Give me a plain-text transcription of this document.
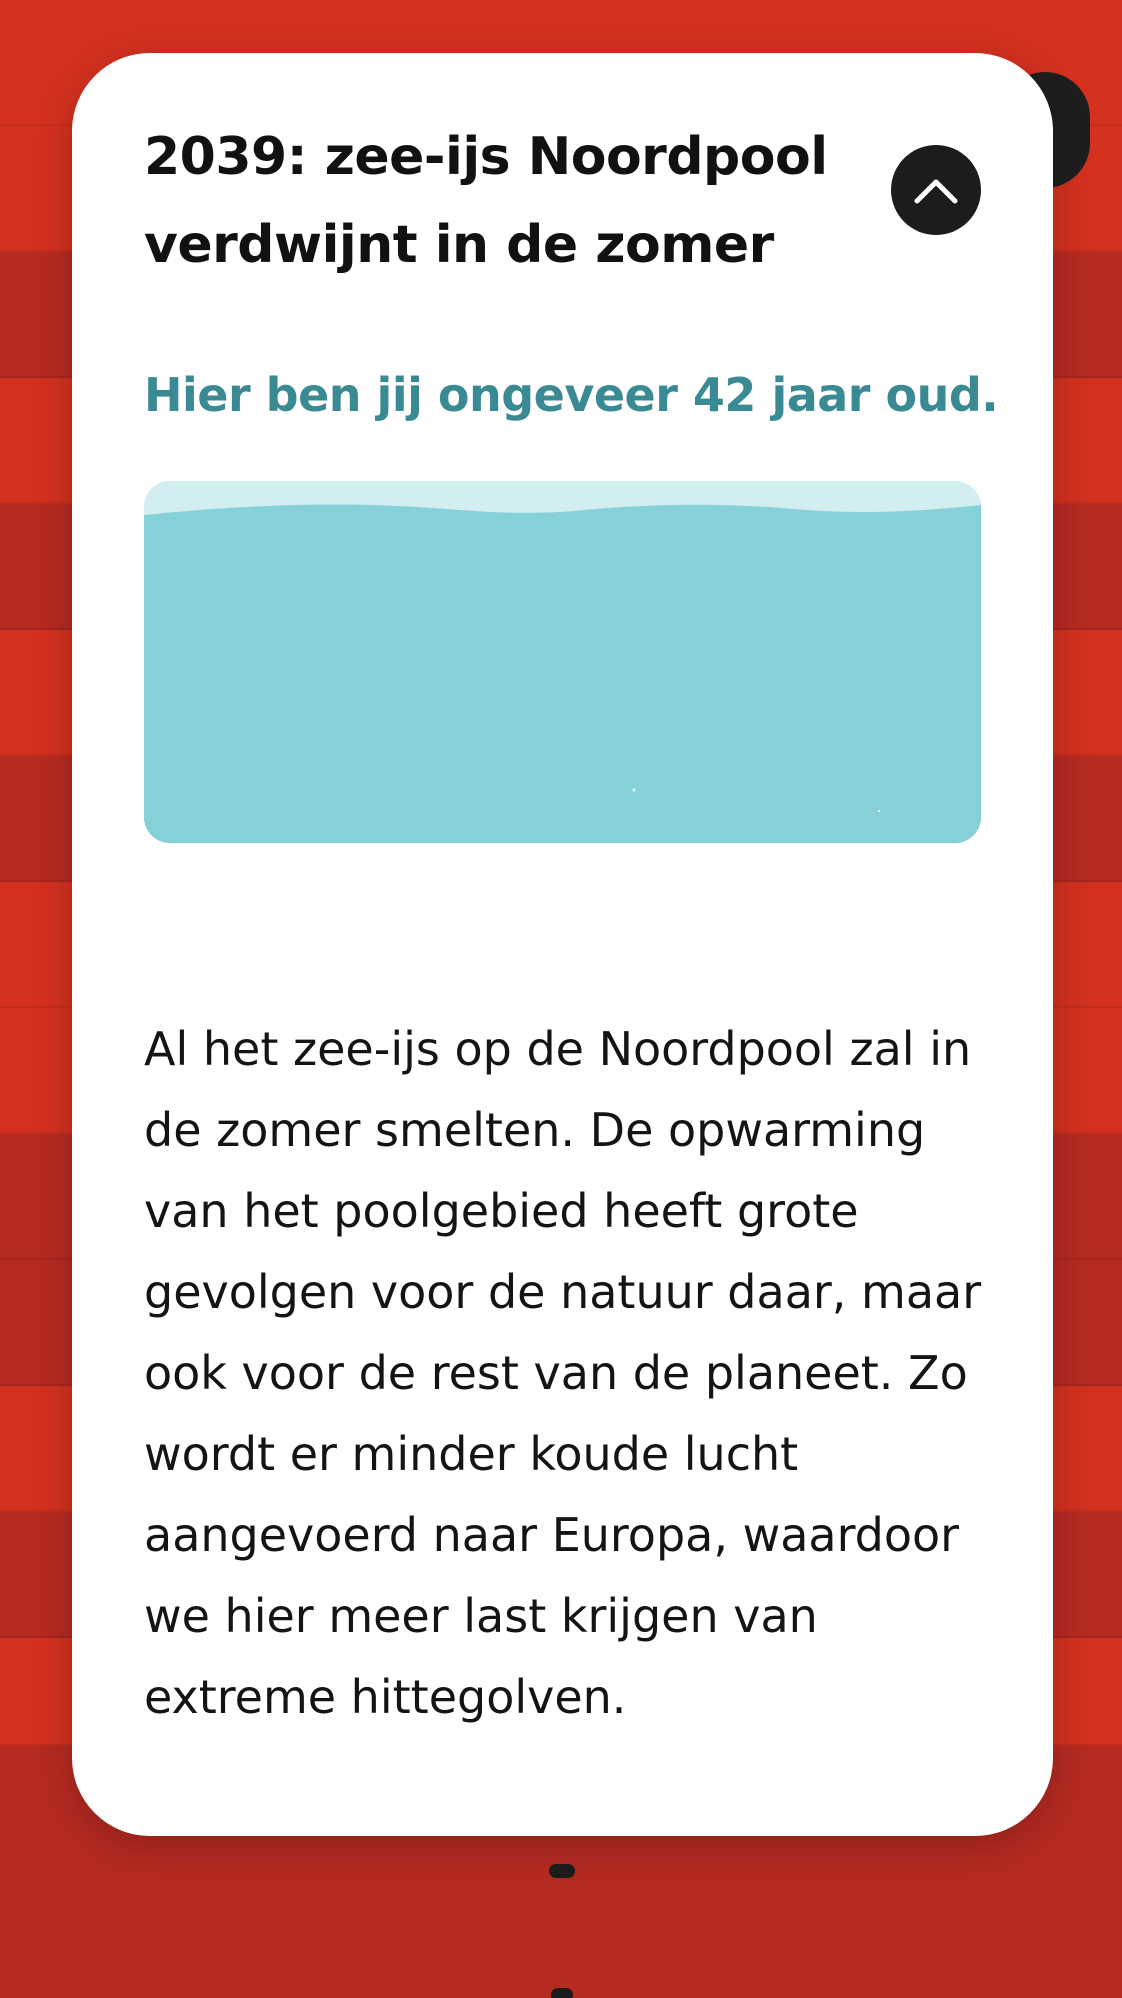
2039: zee-ijs Noordpool verdwijnt in de zomer

Hier ben jij ongeveer 42 jaar oud.

Al het zee-ijs op de Noordpool zal in de zomer smelten. De opwarming van het poolgebied heeft grote gevolgen voor de natuur daar, maar ook voor de rest van de planeet. Zo wordt er minder koude lucht aangevoerd naar Europa, waardoor we hier meer last krijgen van extreme hittegolven.
